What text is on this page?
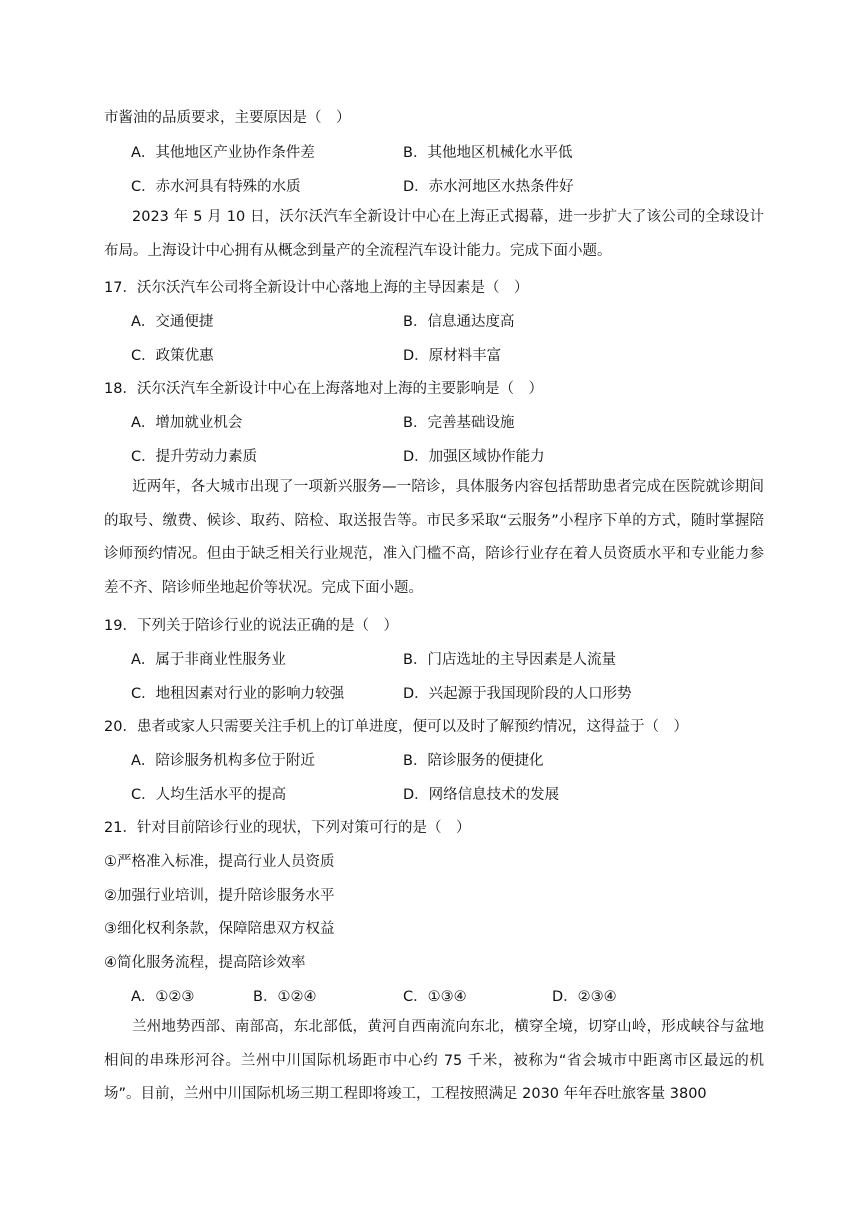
市酱油的品质要求，主要原因是（　）
A．其他地区产业协作条件差	B．其他地区机械化水平低
C．赤水河具有特殊的水质	D．赤水河地区水热条件好
2023 年 5 月 10 日，沃尔沃汽车全新设计中心在上海正式揭幕，进一步扩大了该公司的全球设计布局。上海设计中心拥有从概念到量产的全流程汽车设计能力。完成下面小题。
17．沃尔沃汽车公司将全新设计中心落地上海的主导因素是（　）
A．交通便捷	B．信息通达度高
C．政策优惠	D．原材料丰富
18．沃尔沃汽车全新设计中心在上海落地对上海的主要影响是（　）
A．增加就业机会	B．完善基础设施
C．提升劳动力素质	D．加强区域协作能力
近两年，各大城市出现了一项新兴服务—一陪诊，具体服务内容包括帮助患者完成在医院就诊期间的取号、缴费、候诊、取药、陪检、取送报告等。市民多采取“云服务”小程序下单的方式，随时掌握陪诊师预约情况。但由于缺乏相关行业规范，准入门槛不高，陪诊行业存在着人员资质水平和专业能力参差不齐、陪诊师坐地起价等状况。完成下面小题。
19．下列关于陪诊行业的说法正确的是（　）
A．属于非商业性服务业	B．门店选址的主导因素是人流量
C．地租因素对行业的影响力较强	D．兴起源于我国现阶段的人口形势
20．患者或家人只需要关注手机上的订单进度，便可以及时了解预约情况，这得益于（　）
A．陪诊服务机构多位于附近	B．陪诊服务的便捷化
C．人均生活水平的提高	D．网络信息技术的发展
21．针对目前陪诊行业的现状，下列对策可行的是（　）
①严格准入标准，提高行业人员资质
②加强行业培训，提升陪诊服务水平
③细化权利条款，保障陪患双方权益
④简化服务流程，提高陪诊效率
A．①②③	B．①②④	C．①③④	D．②③④
兰州地势西部、南部高，东北部低，黄河自西南流向东北，横穿全境，切穿山岭，形成峡谷与盆地相间的串珠形河谷。兰州中川国际机场距市中心约 75 千米，被称为“省会城市中距离市区最远的机场”。目前，兰州中川国际机场三期工程即将竣工，工程按照满足 2030 年年吞吐旅客量 3800
